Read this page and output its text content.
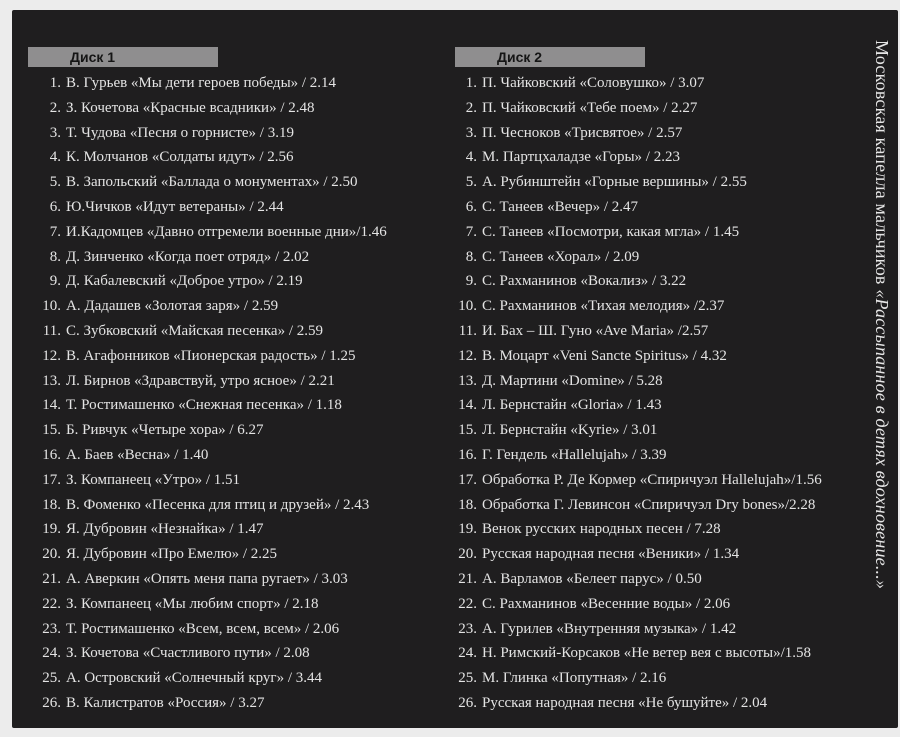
Диск 1	Диск 2
1. В. Гурьев «Мы дети героев победы» / 2.14
2. З. Кочетова «Красные всадники» / 2.48
3. Т. Чудова «Песня о горнисте» / 3.19
4. К. Молчанов «Солдаты идут» / 2.56
5. В. Запольский «Баллада о монументах» / 2.50
6. Ю.Чичков «Идут ветераны» / 2.44
7. И.Кадомцев «Давно отгремели военные дни»/1.46
8. Д. Зинченко «Когда поет отряд» / 2.02
9. Д. Кабалевский «Доброе утро» / 2.19
10. А. Дадашев «Золотая заря» / 2.59
11. С. Зубковский «Майская песенка» / 2.59
12. В. Агафонников «Пионерская радость» / 1.25
13. Л. Бирнов «Здравствуй, утро ясное» / 2.21
14. Т. Ростимашенко «Снежная песенка» / 1.18
15. Б. Ривчук «Четыре хора» / 6.27
16. А. Баев «Весна» / 1.40
17. З. Компанеец «Утро» / 1.51
18. В. Фоменко «Песенка для птиц и друзей» / 2.43
19. Я. Дубровин «Незнайка» / 1.47
20. Я. Дубровин «Про Емелю» / 2.25
21. А. Аверкин «Опять меня папа ругает» / 3.03
22. З. Компанеец «Мы любим спорт» / 2.18
23. Т. Ростимашенко «Всем, всем, всем» / 2.06
24. З. Кочетова «Счастливого пути» / 2.08
25. А. Островский «Солнечный круг» / 3.44
26. В. Калистратов «Россия» / 3.27
1. П. Чайковский «Соловушко» / 3.07
2. П. Чайковский «Тебе поем» / 2.27
3. П. Чесноков «Трисвятое» / 2.57
4. М. Партцхаладзе «Горы» / 2.23
5. А. Рубинштейн «Горные вершины» / 2.55
6. С. Танеев «Вечер» / 2.47
7. С. Танеев «Посмотри, какая мгла» / 1.45
8. С. Танеев «Хорал» / 2.09
9. С. Рахманинов «Вокализ» / 3.22
10. С. Рахманинов «Тихая мелодия» /2.37
11. И. Бах – Ш. Гуно «Ave Maria» /2.57
12. В. Моцарт «Veni Sancte Spiritus» / 4.32
13. Д. Мартини «Domine» / 5.28
14. Л. Бернстайн «Gloria» / 1.43
15. Л. Бернстайн «Kyrie» / 3.01
16. Г. Гендель «Hallelujah» / 3.39
17. Обработка Р. Де Кормер «Спиричуэл Hallelujah»/1.56
18. Обработка Г. Левинсон «Спиричуэл Dry bones»/2.28
19. Венок русских народных песен / 7.28
20. Русская народная песня «Веники» / 1.34
21. А. Варламов «Белеет парус» / 0.50
22. С. Рахманинов «Весенние воды» / 2.06
23. А. Гурилев «Внутренняя музыка» / 1.42
24. Н. Римский-Корсаков «Не ветер вея с высоты»/1.58
25. М. Глинка «Попутная» / 2.16
26. Русская народная песня «Не бушуйте» / 2.04
Московская капелла мальчиков «Рассыпанное в детях вдохновение...»
